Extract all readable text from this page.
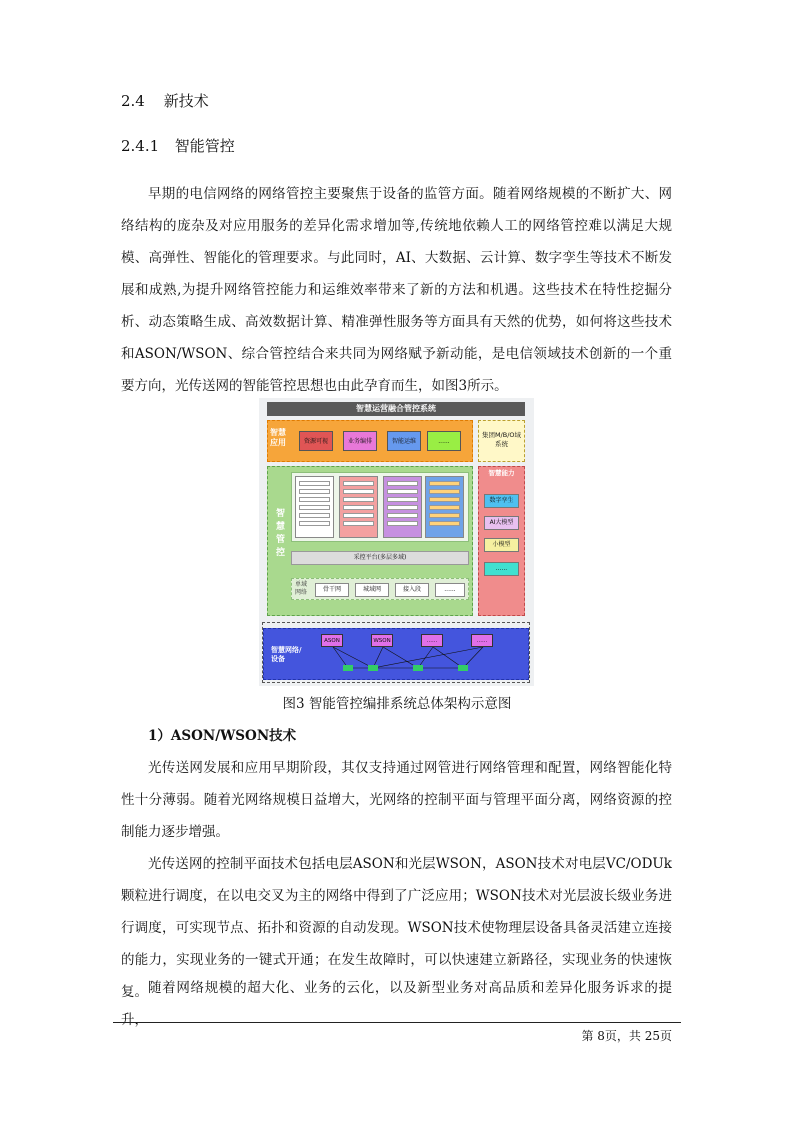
2.4 新技术
2.4.1 智能管控

早期的电信网络的网络管控主要聚焦于设备的监管方面。随着网络规模的不断扩大、网络结构的庞杂及对应用服务的差异化需求增加等,传统地依赖人工的网络管控难以满足大规模、高弹性、智能化的管理要求。与此同时，AI、大数据、云计算、数字孪生等技术不断发展和成熟,为提升网络管控能力和运维效率带来了新的方法和机遇。这些技术在特性挖掘分析、动态策略生成、高效数据计算、精准弹性服务等方面具有天然的优势，如何将这些技术和ASON/WSON、综合管控结合来共同为网络赋予新动能，是电信领域技术创新的一个重要方向，光传送网的智能管控思想也由此孕育而生，如图3所示。

智慧运营融合管控系统
智慧应用	资源可视	业务编排	智能运维	......
集团M/B/O域系统
智慧管控	采控平台(多层多域)
单域网络	骨干网	城域网	接入段	......
智慧能力
数字孪生
AI大模型
小模型
......
智慧网络/设备
ASON	WSON	......	......
图3 智能管控编排系统总体架构示意图
1）ASON/WSON技术

光传送网发展和应用早期阶段，其仅支持通过网管进行网络管理和配置，网络智能化特性十分薄弱。随着光网络规模日益增大，光网络的控制平面与管理平面分离，网络资源的控制能力逐步增强。

光传送网的控制平面技术包括电层ASON和光层WSON，ASON技术对电层VC/ODUk颗粒进行调度，在以电交叉为主的网络中得到了广泛应用；WSON技术对光层波长级业务进行调度，可实现节点、拓扑和资源的自动发现。WSON技术使物理层设备具备灵活建立连接的能力，实现业务的一键式开通；在发生故障时，可以快速建立新路径，实现业务的快速恢复。 随着网络规模的超大化、业务的云化，以及新型业务对高品质和差异化服务诉求的提升，

第 8页，共 25页
